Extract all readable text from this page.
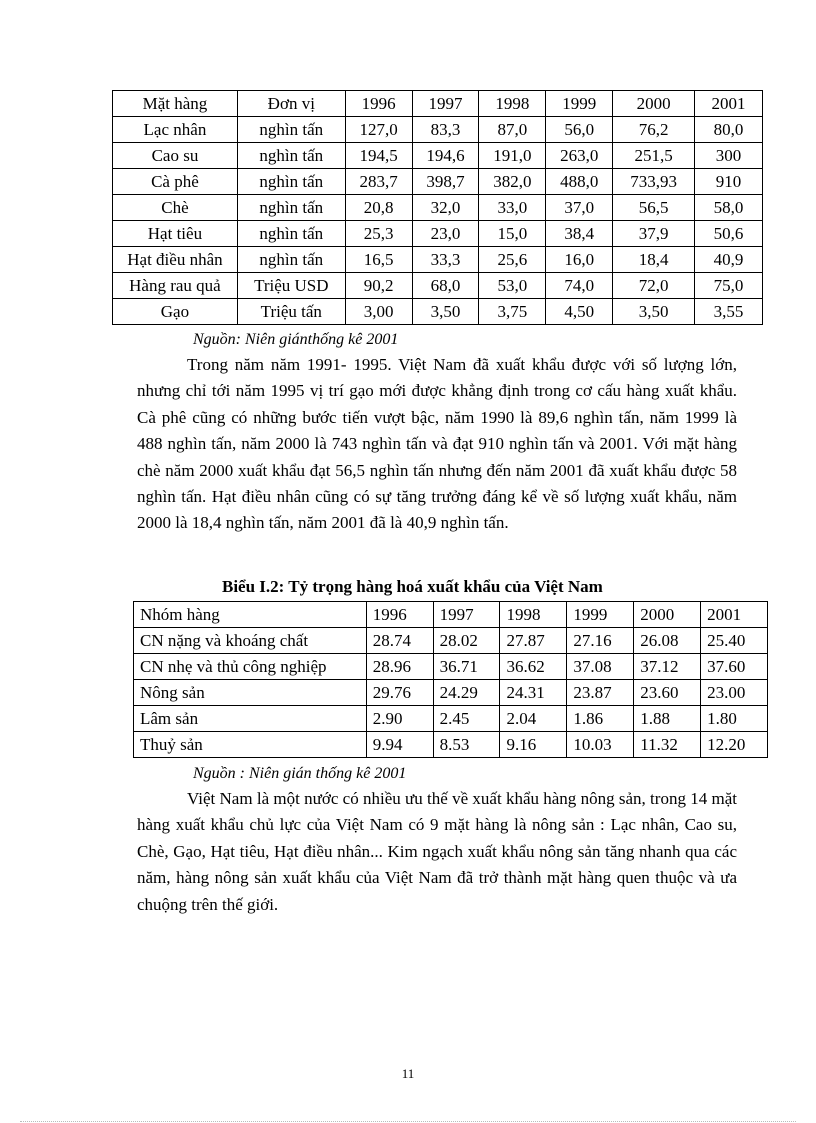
Mặt hàng	Đơn vị	1996	1997	1998	1999	2000	2001
Lạc nhân	nghìn tấn	127,0	83,3	87,0	56,0	76,2	80,0
Cao su	nghìn tấn	194,5	194,6	191,0	263,0	251,5	300
Cà phê	nghìn tấn	283,7	398,7	382,0	488,0	733,93	910
Chè	nghìn tấn	20,8	32,0	33,0	37,0	56,5	58,0
Hạt tiêu	nghìn tấn	25,3	23,0	15,0	38,4	37,9	50,6
Hạt điều nhân	nghìn tấn	16,5	33,3	25,6	16,0	18,4	40,9
Hàng rau quả	Triệu USD	90,2	68,0	53,0	74,0	72,0	75,0
Gạo	Triệu tấn	3,00	3,50	3,75	4,50	3,50	3,55
Nguồn: Niên giánthống kê 2001

Trong năm năm 1991- 1995. Việt Nam đã xuất khẩu được với số lượng lớn, nhưng chỉ tới năm 1995 vị trí gạo mới được khẳng định trong cơ cấu hàng xuất khẩu. Cà phê cũng có những bước tiến vượt bậc, năm 1990 là 89,6 nghìn tấn, năm 1999 là 488 nghìn tấn, năm 2000 là 743 nghìn tấn và đạt 910 nghìn tấn và 2001. Với mặt hàng chè năm 2000 xuất khẩu đạt 56,5 nghìn tấn nhưng đến năm 2001 đã xuất khẩu được 58 nghìn tấn. Hạt điều nhân cũng có sự tăng trưởng đáng kể về số lượng xuất khẩu, năm 2000 là 18,4 nghìn tấn, năm 2001 đã là 40,9 nghìn tấn.

Biểu I.2: Tỷ trọng hàng hoá xuất khẩu của Việt Nam
Nhóm hàng	1996	1997	1998	1999	2000	2001
CN nặng và khoáng chất	28.74	28.02	27.87	27.16	26.08	25.40
CN nhẹ và thủ công nghiệp	28.96	36.71	36.62	37.08	37.12	37.60
Nông sản	29.76	24.29	24.31	23.87	23.60	23.00
Lâm sản	2.90	2.45	2.04	1.86	1.88	1.80
Thuỷ sản	9.94	8.53	9.16	10.03	11.32	12.20
Nguồn : Niên gián thống kê 2001

Việt Nam là một nước có nhiều ưu thế về xuất khẩu hàng nông sản, trong 14 mặt hàng xuất khẩu chủ lực của Việt Nam có 9 mặt hàng là nông sản : Lạc nhân, Cao su, Chè, Gạo, Hạt tiêu, Hạt điều nhân... Kim ngạch xuất khẩu nông sản tăng nhanh qua các năm, hàng nông sản xuất khẩu của Việt Nam đã trở thành mặt hàng quen thuộc và ưa chuộng trên thế giới.

11
